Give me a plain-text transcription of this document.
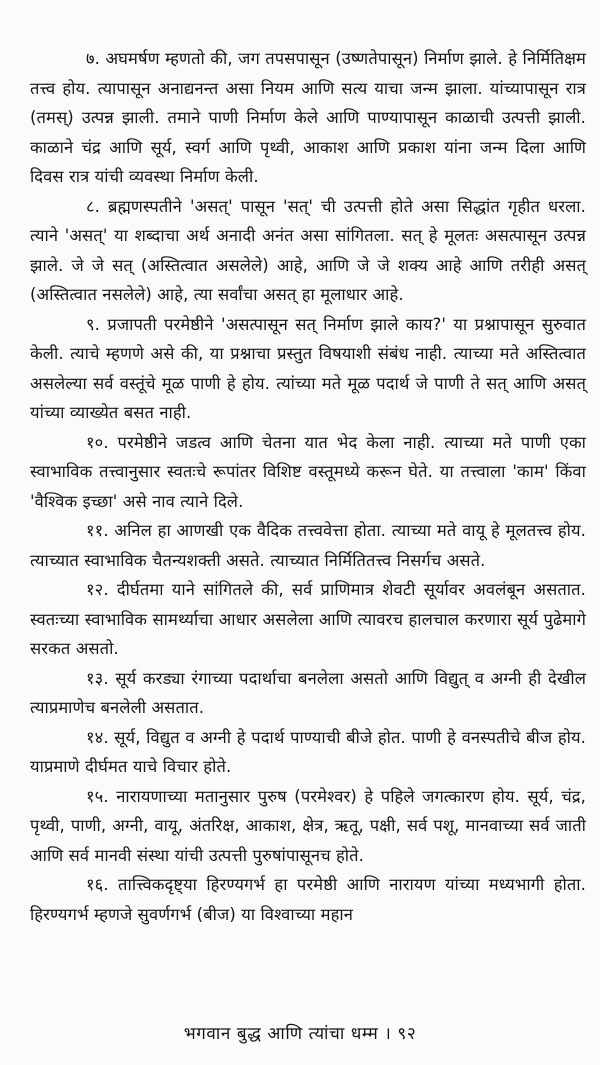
७. अघमर्षण म्हणतो की, जग तपसपासून (उष्णतेपासून) निर्माण झाले. हे निर्मितिक्षम तत्त्व होय. त्यापासून अनाद्यनन्त असा नियम आणि सत्य याचा जन्म झाला. यांच्यापासून रात्र (तमस्) उत्पन्न झाली. तमाने पाणी निर्माण केले आणि पाण्यापासून काळाची उत्पत्ती झाली. काळाने चंद्र आणि सूर्य, स्वर्ग आणि पृथ्वी, आकाश आणि प्रकाश यांना जन्म दिला आणि दिवस रात्र यांची व्यवस्था निर्माण केली.

८. ब्रह्मणस्पतीने 'असत्' पासून 'सत्' ची उत्पत्ती होते असा सिद्धांत गृहीत धरला. त्याने 'असत्' या शब्दाचा अर्थ अनादी अनंत असा सांगितला. सत् हे मूलतः असत्पासून उत्पन्न झाले. जे जे सत् (अस्तित्वात असलेले) आहे, आणि जे जे शक्य आहे आणि तरीही असत् (अस्तित्वात नसलेले) आहे, त्या सर्वांचा असत् हा मूलाधार आहे.

९. प्रजापती परमेष्ठीने 'असत्पासून सत् निर्माण झाले काय?' या प्रश्नापासून सुरुवात केली. त्याचे म्हणणे असे की, या प्रश्नाचा प्रस्तुत विषयाशी संबंध नाही. त्याच्या मते अस्तित्वात असलेल्या सर्व वस्तूंचे मूळ पाणी हे होय. त्यांच्या मते मूळ पदार्थ जे पाणी ते सत् आणि असत् यांच्या व्याख्येत बसत नाही.

१०. परमेष्ठीने जडत्व आणि चेतना यात भेद केला नाही. त्याच्या मते पाणी एका स्वाभाविक तत्त्वानुसार स्वतःचे रूपांतर विशिष्ट वस्तूमध्ये करून घेते. या तत्त्वाला 'काम' किंवा 'वैश्विक इच्छा' असे नाव त्याने दिले.

११. अनिल हा आणखी एक वैदिक तत्त्ववेत्ता होता. त्याच्या मते वायू हे मूलतत्त्व होय. त्याच्यात स्वाभाविक चैतन्यशक्ती असते. त्याच्यात निर्मितितत्त्व निसर्गच असते.

१२. दीर्घतमा याने सांगितले की, सर्व प्राणिमात्र शेवटी सूर्यावर अवलंबून असतात. स्वतःच्या स्वाभाविक सामर्थ्याचा आधार असलेला आणि त्यावरच हालचाल करणारा सूर्य पुढेमागे सरकत असतो.

१३. सूर्य करड्या रंगाच्या पदार्थाचा बनलेला असतो आणि विद्युत् व अग्नी ही देखील त्याप्रमाणेच बनलेली असतात.

१४. सूर्य, विद्युत व अग्नी हे पदार्थ पाण्याची बीजे होत. पाणी हे वनस्पतीचे बीज होय. याप्रमाणे दीर्घमत याचे विचार होते.

१५. नारायणाच्या मतानुसार पुरुष (परमेश्वर) हे पहिले जगत्कारण होय. सूर्य, चंद्र, पृथ्वी, पाणी, अग्नी, वायू, अंतरिक्ष, आकाश, क्षेत्र, ऋतू, पक्षी, सर्व पशू, मानवाच्या सर्व जाती आणि सर्व मानवी संस्था यांची उत्पत्ती पुरुषांपासूनच होते.

१६. तात्त्विकदृष्ट्या हिरण्यगर्भ हा परमेष्ठी आणि नारायण यांच्या मध्यभागी होता. हिरण्यगर्भ म्हणजे सुवर्णगर्भ (बीज) या विश्वाच्या महान

भगवान बुद्ध आणि त्यांचा धम्म । ९२
